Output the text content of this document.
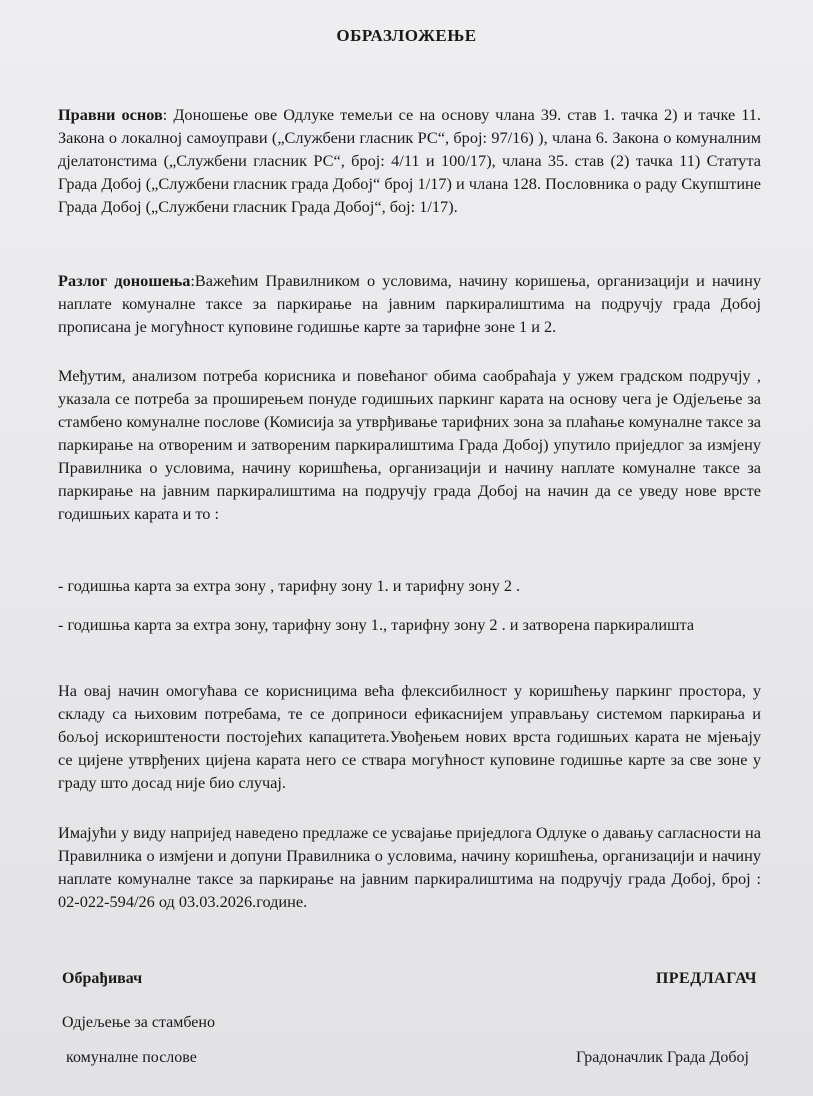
ОБРАЗЛОЖЕЊЕ
Правни основ: Доношење ове Одлуке темељи се на основу члана 39. став 1. тачка 2) и тачке 11. Закона о локалној самоуправи („Службени гласник РС“, број: 97/16) ), члана 6. Закона о комуналним дјелатонстима („Службени гласник РС“, број: 4/11 и 100/17), члана 35. став (2) тачка 11) Статута Града Добој („Службени гласник града Добој“ број 1/17) и члана 128. Пословника о раду Скупштине Града Добој („Службени гласник Града Добој“, бој: 1/17).
Разлог доношења:Важећим Правилником о условима, начину коришења, организацији и начину наплате комуналне таксе за паркирање на јавним паркиралиштима на подручју града Добој прописана је могућност куповине годишње карте за тарифне зоне 1 и 2.
Међутим, анализом потреба корисника и повећаног обима саобраћаја у ужем градском подручју , указала се потреба за проширењем понуде годишњих паркинг карата на основу чега је Одјељење за стамбено комуналне послове (Комисија за утврђивање тарифних зона за плаћање комуналне таксе за паркирање на отвореним и затвореним паркиралиштима Града Добој) упутило приједлог за измјену Правилника о условима, начину коришћења, организацији и начину наплате комуналне таксе за паркирање на јавним паркиралиштима на подручју града Добој на начин да се уведу нове врсте годишњих карата и то :
- годишња карта за ехтра зону , тарифну зону 1. и тарифну зону 2 .
- годишња карта за ехтра зону, тарифну зону 1., тарифну зону 2 . и затворена паркиралишта
На овај начин омогућава се корисницима већа флексибилност у коришћењу паркинг простора, у складу са њиховим потребама, те се доприноси ефикаснијем управљању системом паркирања и бољој искориштености постојећих капацитета.Увођењем нових врста годишњих карата не мјењају се цијене утврђених цијена карата него се ствара могућност куповине годишње карте за све зоне у граду што досад није био случај.
Имајући у виду напријед наведено предлаже се усвајање приједлога Одлуке о давању сагласности на Правилника о измјени и допуни Правилника о условима, начину коришћења, организацији и начину наплате комуналне таксе за паркирање на јавним паркиралиштима на подручју града Добој, број : 02-022-594/26 од 03.03.2026.године.
Обрађивач	ПРЕДЛАГАЧ
Одјељење за стамбено
комуналне послове	Градоначлик Града Добој
